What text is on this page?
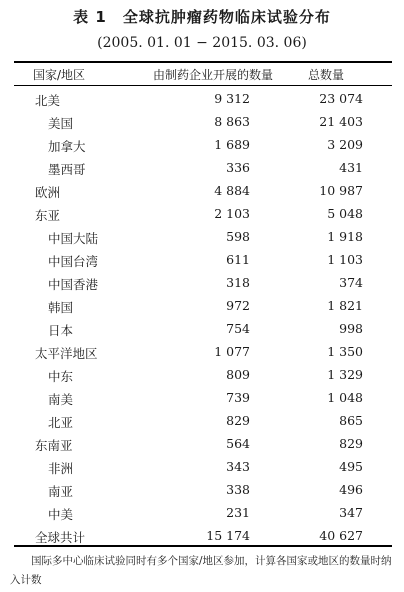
表 1　全球抗肿瘤药物临床试验分布
(2005. 01. 01 − 2015. 03. 06)
国家/地区	由制药企业开展的数量	总数量
北美	9 312	23 074
美国	8 863	21 403
加拿大	1 689	3 209
墨西哥	336	431
欧洲	4 884	10 987
东亚	2 103	5 048
中国大陆	598	1 918
中国台湾	611	1 103
中国香港	318	374
韩国	972	1 821
日本	754	998
太平洋地区	1 077	1 350
中东	809	1 329
南美	739	1 048
北亚	829	865
东南亚	564	829
非洲	343	495
南亚	338	496
中美	231	347
全球共计	15 174	40 627
国际多中心临床试验同时有多个国家/地区参加，计算各国家或地区的数量时纳入计数
